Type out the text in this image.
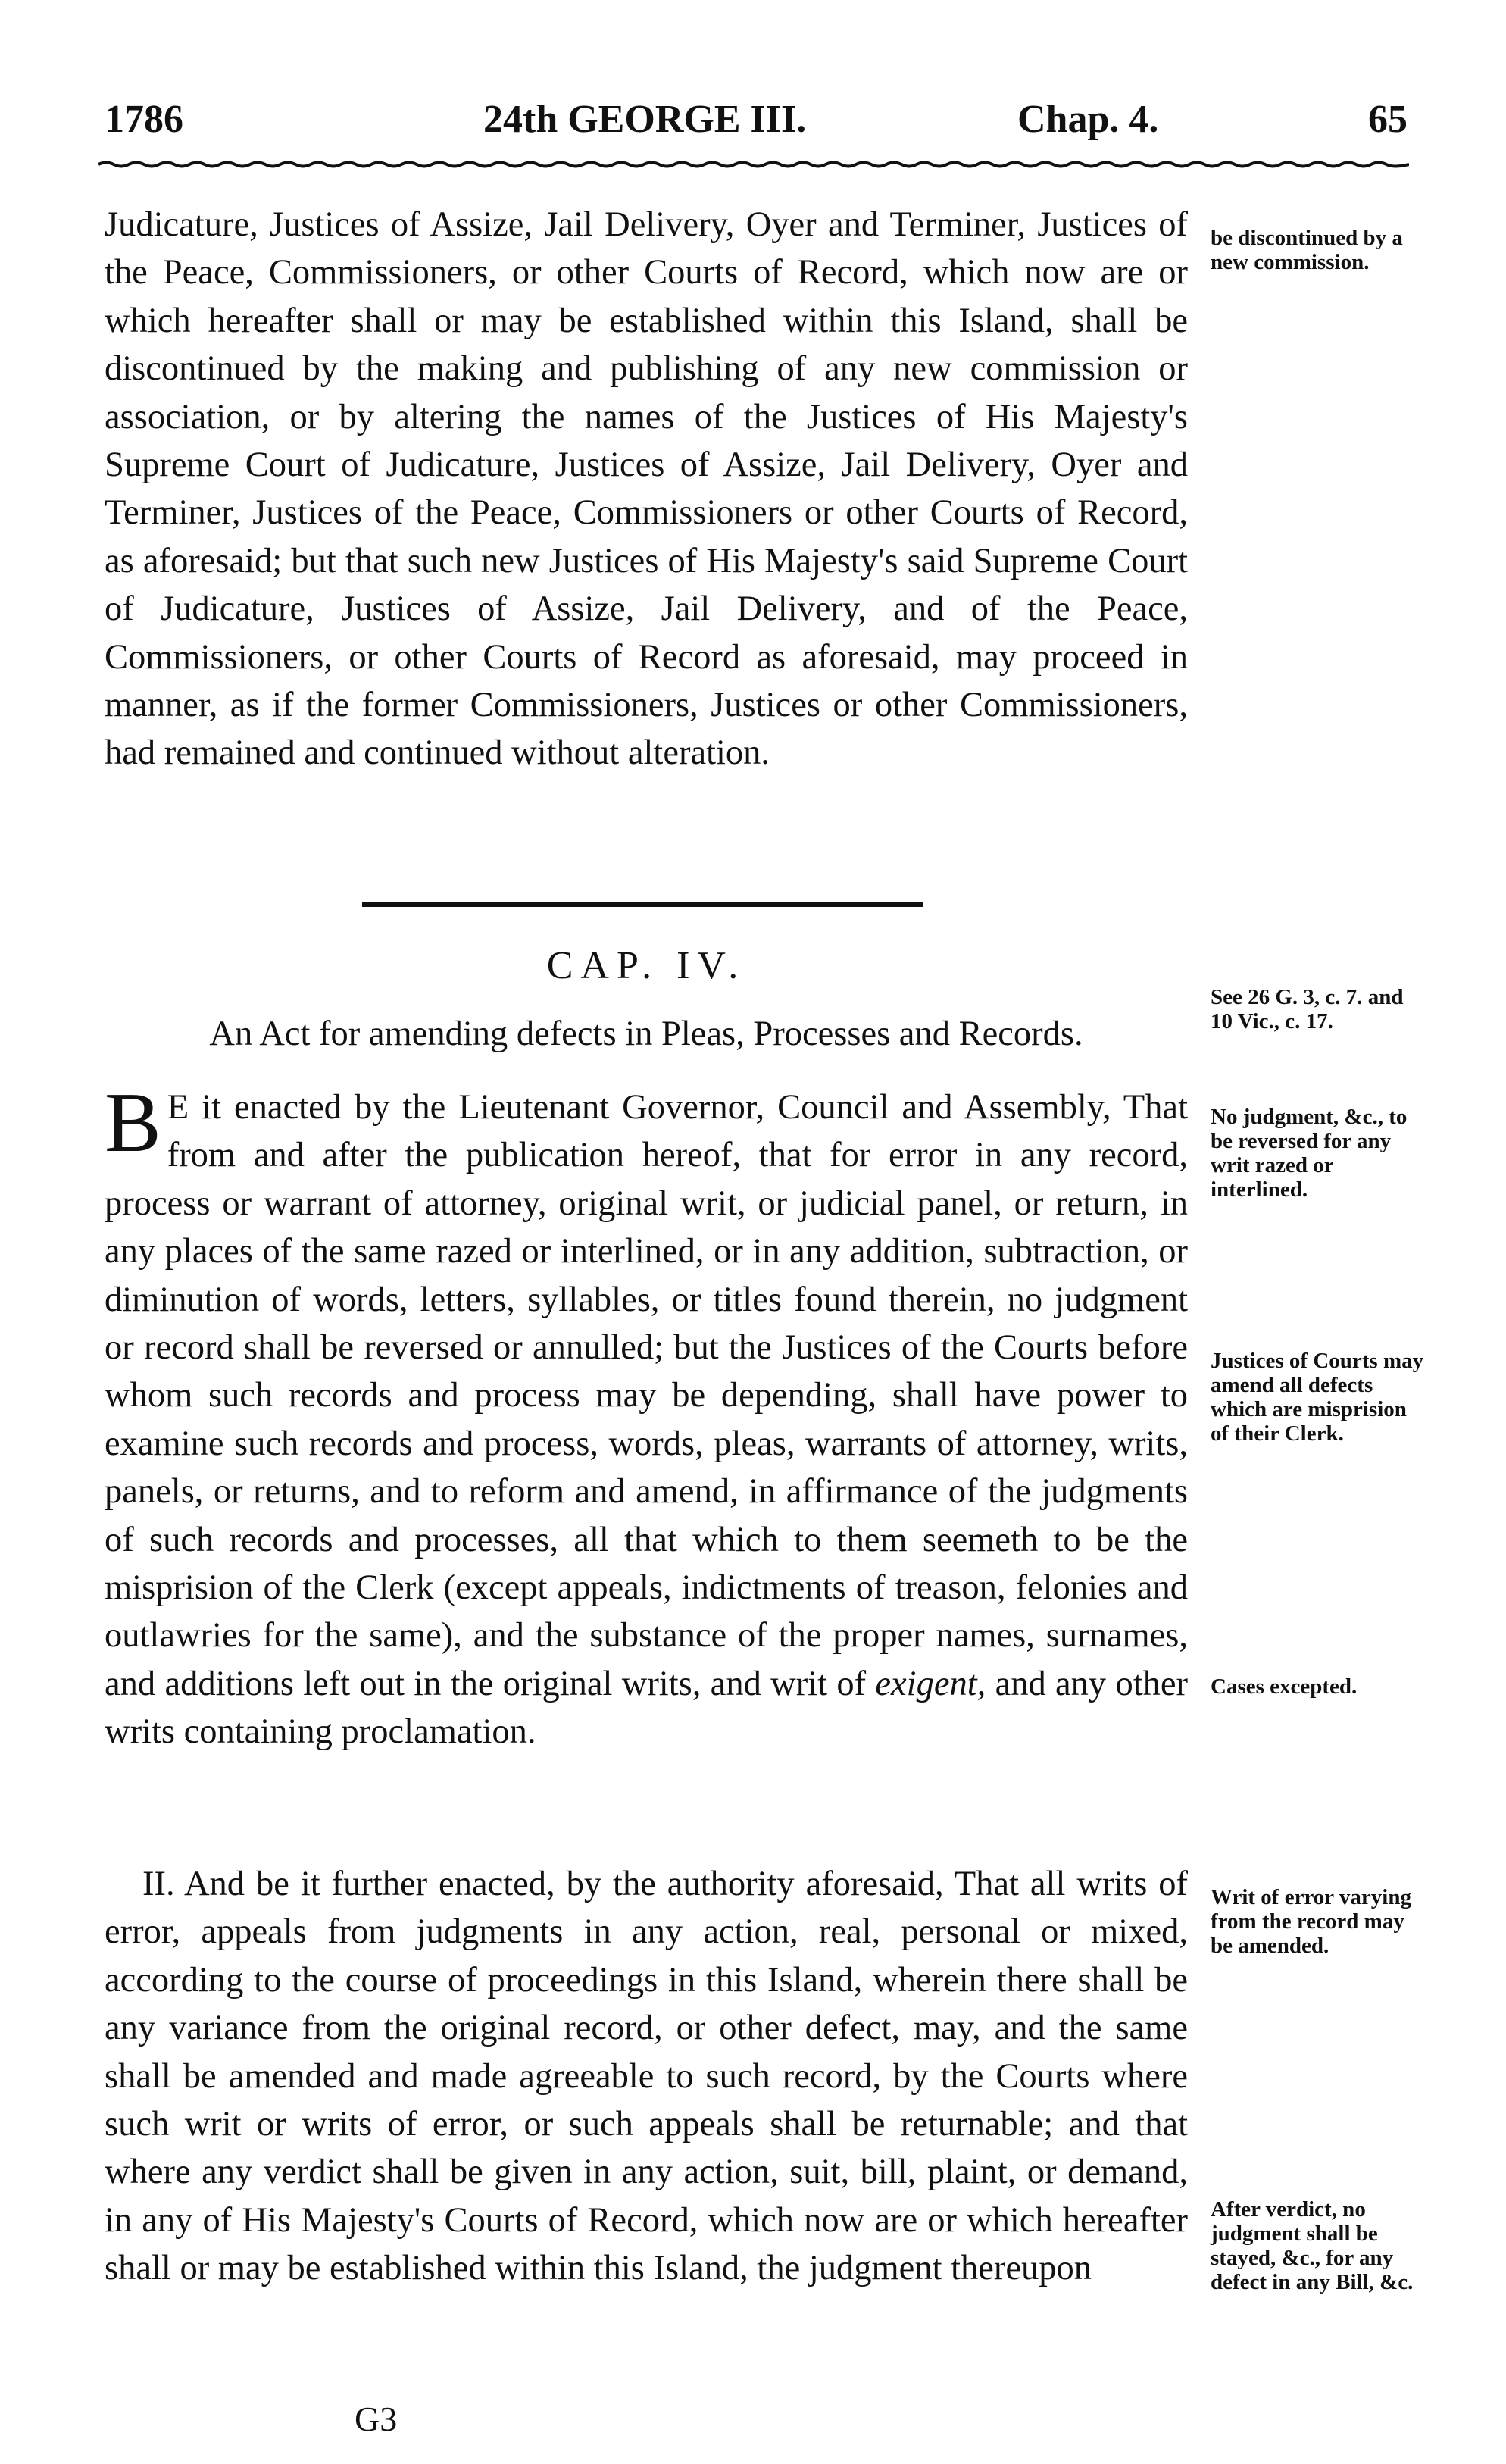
1786	24th GEORGE III.	Chap. 4.	65

Judicature, Justices of Assize, Jail Delivery, Oyer and Terminer, Justices of the Peace, Commissioners, or other Courts of Record, which now are or which hereafter shall or may be established within this Island, shall be discontinued by the making and publishing of any new commission or association, or by altering the names of the Justices of His Majesty's Supreme Court of Judicature, Justices of Assize, Jail Delivery, Oyer and Terminer, Justices of the Peace, Commissioners or other Courts of Record, as aforesaid; but that such new Justices of His Majesty's said Supreme Court of Judicature, Justices of Assize, Jail Delivery, and of the Peace, Commissioners, or other Courts of Record as aforesaid, may proceed in manner, as if the former Commissioners, Justices or other Commissioners, had remained and continued without alteration.

CAP. IV.
An Act for amending defects in Pleas, Processes and Records.

B E it enacted by the Lieutenant Governor, Council and Assembly, That from and after the publication hereof, that for error in any record, process or warrant of attorney, original writ, or judicial panel, or return, in any places of the same razed or interlined, or in any addition, subtraction, or diminution of words, letters, syllables, or titles found therein, no judgment or record shall be reversed or annulled; but the Justices of the Courts before whom such records and process may be depending, shall have power to examine such records and process, words, pleas, warrants of attorney, writs, panels, or returns, and to reform and amend, in affirmance of the judgments of such records and processes, all that which to them seemeth to be the misprision of the Clerk (except appeals, indictments of treason, felonies and outlawries for the same), and the substance of the proper names, surnames, and additions left out in the original writs, and writ of exigent, and any other writs containing proclamation.

II. And be it further enacted, by the authority aforesaid, That all writs of error, appeals from judgments in any action, real, personal or mixed, according to the course of proceedings in this Island, wherein there shall be any variance from the original record, or other defect, may, and the same shall be amended and made agreeable to such record, by the Courts where such writ or writs of error, or such appeals shall be returnable; and that where any verdict shall be given in any action, suit, bill, plaint, or demand, in any of His Majesty's Courts of Record, which now are or which hereafter shall or may be established within this Island, the judgment thereupon

G3
be discontinued by a new commission.
See 26 G. 3, c. 7. and 10 Vic., c. 17.
No judgment, &c., to be reversed for any writ razed or interlined.
Justices of Courts may amend all defects which are misprision of their Clerk.
Cases excepted.
Writ of error varying from the record may be amended.
After verdict, no judgment shall be stayed, &c., for any defect in any Bill, &c.
